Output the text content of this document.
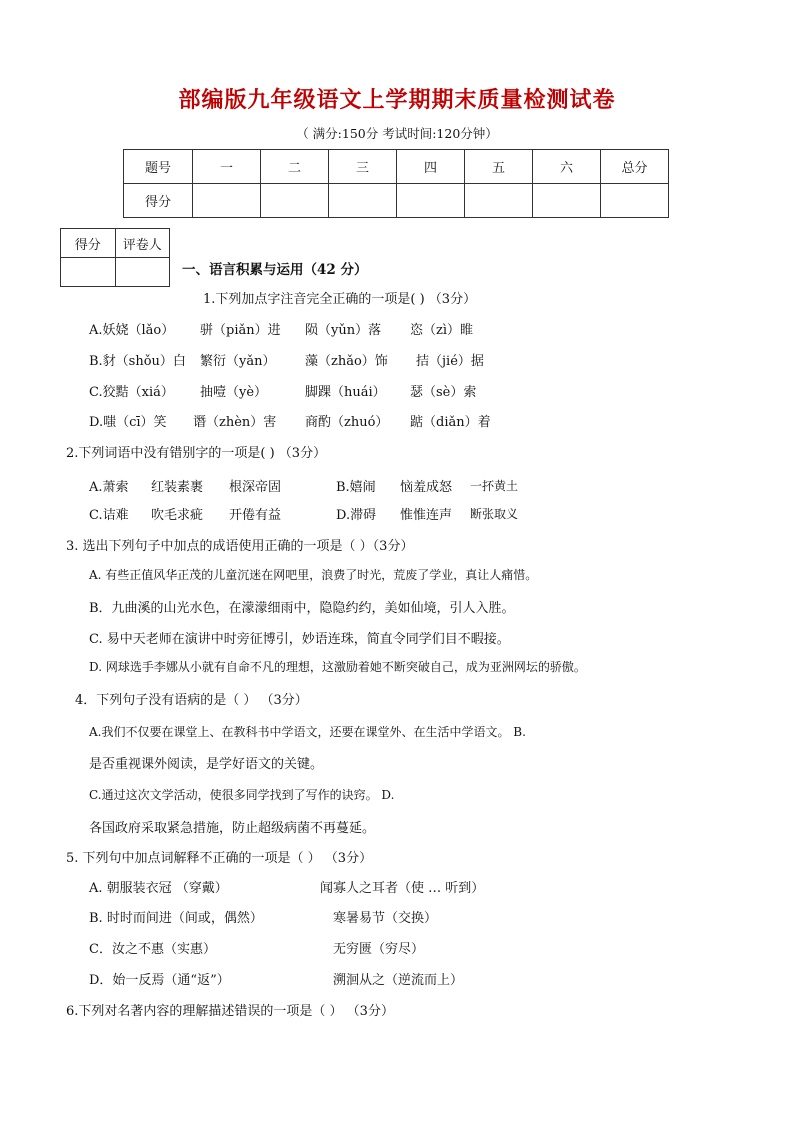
部编版九年级语文上学期期末质量检测试卷
（ 满分:150分 考试时间:120分钟）
题号	一	二	三	四	五	六	总分
得分							
得分	评卷人

一、语言积累与运用（42 分）
1.下列加点字注音完全正确的一项是( ) （3分）
A.妖娆（lǎo） 骈（piǎn）进 陨（yǔn）落 恣（zì）睢
B.豺（shǒu）白 繁衍（yǎn） 藻（zhǎo）饰 拮（jié）据
C.狡黠（xiá） 抽噎（yè）	脚踝（huái） 瑟（sè）索
D.嗤（cī）笑 谮（zhèn）害 商酌（zhuó） 踮（diǎn）着
2.下列词语中没有错别字的一项是( ) （3分）
A.萧索 红装素裹 根深帝固	B.嬉闹 恼羞成怒 一抔黄土
C.诘难 吹毛求疵 开倦有益	D.滞碍 惟惟连声 断张取义
3. 选出下列句子中加点的成语使用正确的一项是（ ）（3分）
A. 有些正值风华正茂的儿童沉迷在网吧里，浪费了时光，荒废了学业，真让人痛惜。
B．九曲溪的山光水色，在濛濛细雨中，隐隐约约，美如仙境，引人入胜。
C. 易中天老师在演讲中时旁征博引，妙语连珠，简直令同学们目不暇接。
D. 网球选手李娜从小就有自命不凡的理想，这激励着她不断突破自己，成为亚洲网坛的骄傲。
4．下列句子没有语病的是（ ） （3分）
A.我们不仅要在课堂上、在教科书中学语文，还要在课堂外、在生活中学语文。 B.
是否重视课外阅读，是学好语文的关键。
C.通过这次文学活动，使很多同学找到了写作的诀窍。 D.
各国政府采取紧急措施，防止超级病菌不再蔓延。
5. 下列句中加点词解释不正确的一项是（ ） （3分）
A. 朝服装衣冠 （穿戴）	闻寡人之耳者（使 … 听到）
B. 时时而间进（间或，偶然）	寒暑易节（交换）
C．汝之不惠（实惠）	无穷匮（穷尽）
D．始一反焉（通“返”）	溯洄从之（逆流而上）
6.下列对名著内容的理解描述错误的一项是（ ） （3分）
